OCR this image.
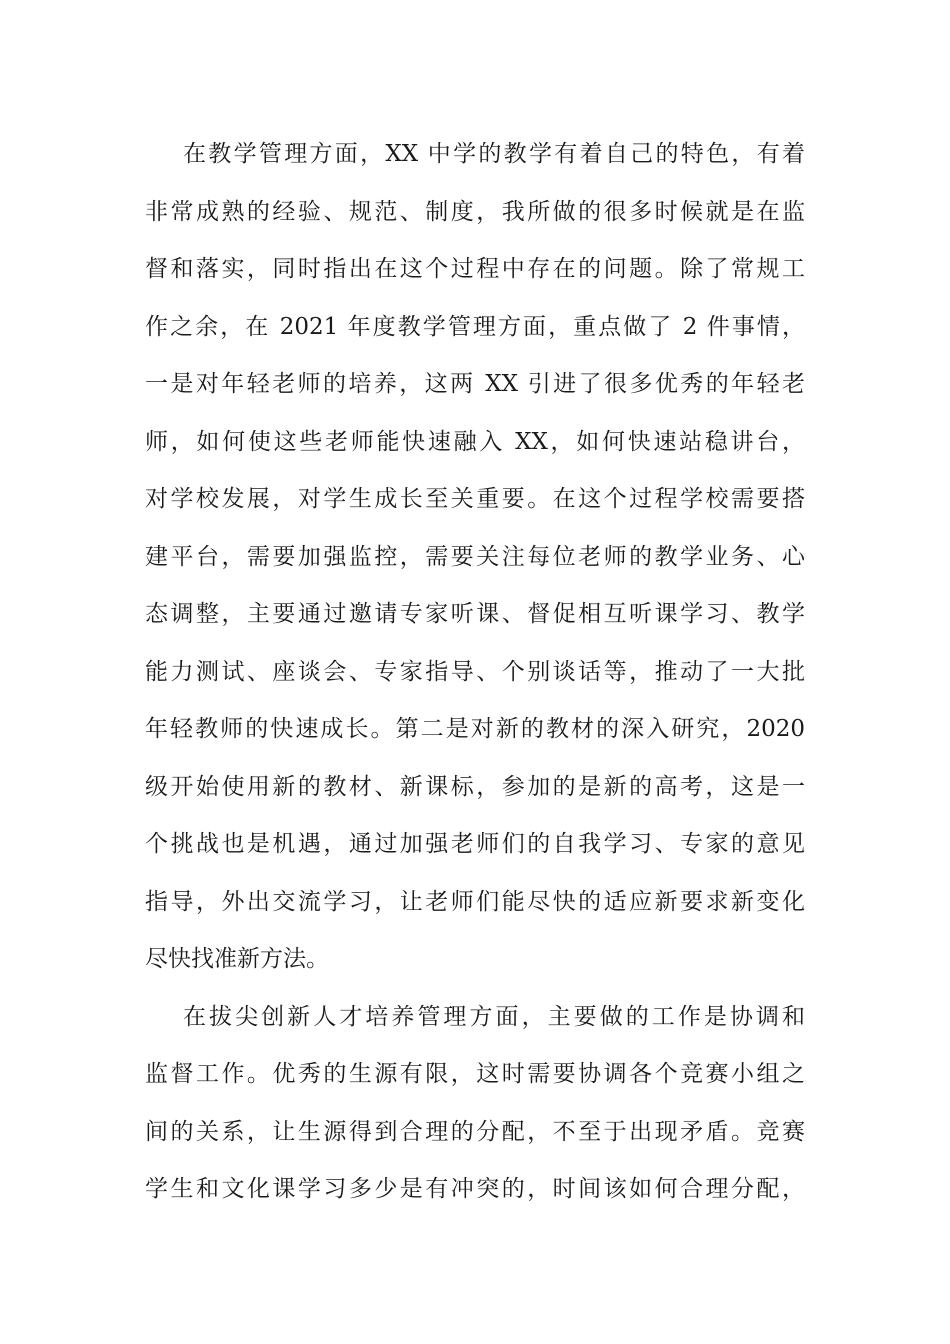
在教学管理方面，XX 中学的教学有着自己的特色，有着
非常成熟的经验、规范、制度，我所做的很多时候就是在监
督和落实，同时指出在这个过程中存在的问题。除了常规工
作之余，在 2021 年度教学管理方面，重点做了 2 件事情，
一是对年轻老师的培养，这两 XX 引进了很多优秀的年轻老
师，如何使这些老师能快速融入 XX，如何快速站稳讲台，
对学校发展，对学生成长至关重要。在这个过程学校需要搭
建平台，需要加强监控，需要关注每位老师的教学业务、心
态调整，主要通过邀请专家听课、督促相互听课学习、教学
能力测试、座谈会、专家指导、个别谈话等，推动了一大批
年轻教师的快速成长。第二是对新的教材的深入研究，2020
级开始使用新的教材、新课标，参加的是新的高考，这是一
个挑战也是机遇，通过加强老师们的自我学习、专家的意见
指导，外出交流学习，让老师们能尽快的适应新要求新变化
尽快找准新方法。
在拔尖创新人才培养管理方面，主要做的工作是协调和
监督工作。优秀的生源有限，这时需要协调各个竞赛小组之
间的关系，让生源得到合理的分配，不至于出现矛盾。竞赛
学生和文化课学习多少是有冲突的，时间该如何合理分配，
